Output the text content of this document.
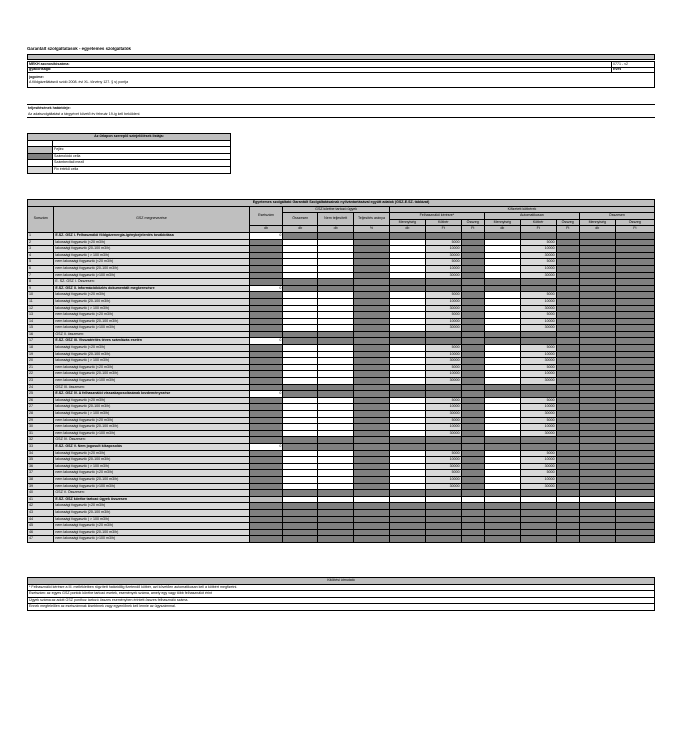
Garantált szolgáltatások - egyetemes szolgáltatók
MEKH azonosítószáma:	0771 - v2
gyakorisága:	Éves
jogcíme:
A földgázellátásról szóló 2008. évi XL. törvény 127. § s) pontja
teljesítésének határideje:
Az adatszolgáltatást a tárgyévet követő év február 19-ig kell beküldeni.
Az űrlapon szereplő színjelölések listája:	

	Fejléc
	Számolódó cella
	Számbevitali mező
	Fix értékű cella
Egyetemes szolgáltató Garantált Szolgáltatásainak nyilvántartásával együtt adatok (GSZ-E.SZ. táblázat)													
Sorszám	GSZ megnevezése	Esetszám	GSZ körébe tartozó ügyek			Kifizetett kötbérek							
			Összesen	Nem teljesített	Teljesítés aránya	Felhasználói kérésre*			Automatikusan			Összesen	
						Mennyiség	Kötbér	Összeg	Mennyiség	Kötbér	Összeg	Mennyiség	Összeg
		db	db	db	%	db	Ft	Ft	db	Ft	Ft	db	Ft
1	E.SZ. GSZ I. Felhasználói földgázenergia-igénybejelentés továbbítása	0											
2	lakossági fogyasztó (<20 m3/h)						5000			5000			
3	lakossági fogyasztó (20-100 m3/h)						10000			10000			
4	lakossági fogyasztó ( > 100 m3/h)						30000			30000			
5	nem lakossági fogyasztó (<20 m3/h)						5000			5000			
6	nem lakossági fogyasztó (20-100 m3/h)						10000			10000			
7	nem lakossági fogyasztó (>100 m3/h)						30000			30000			
8	E. SZ. GSZ I. Összesen:												
9	E.SZ. GSZ II. Információközlés dokumentált megkeresésre	0											
10	lakossági fogyasztó (<20 m3/h)						5000			5000			
11	lakossági fogyasztó (20-100 m3/h)						10000			10000			
12	lakossági fogyasztó ( > 100 m3/h)						30000			30000			
13	nem lakossági fogyasztó (<20 m3/h)						5000			5000			
14	nem lakossági fogyasztó (20-100 m3/h)						10000			10000			
15	nem lakossági fogyasztó (>100 m3/h)						30000			30000			
16	GSZ II. összesen:												
17	E.SZ. GSZ III. Visszatérítés téves számlázás esetén	0											
18	lakossági fogyasztó (<20 m3/h)						5000			5000			
19	lakossági fogyasztó (20-100 m3/h)						10000			10000			
20	lakossági fogyasztó ( > 100 m3/h)						30000			30000			
21	nem lakossági fogyasztó (<20 m3/h)						5000			5000			
22	nem lakossági fogyasztó (20-100 m3/h)						10000			10000			
23	nem lakossági fogyasztó (>100 m3/h)						30000			30000			
24	GSZ III. összesen:												
25	E.SZ. GSZ IV. A felhasználói visszakapcsolásának kezdeményezése	0											
26	lakossági fogyasztó (<20 m3/h)						5000			5000			
27	lakossági fogyasztó (20-100 m3/h)						10000			10000			
28	lakossági fogyasztó ( > 100 m3/h)						30000			30000			
29	nem lakossági fogyasztó (<20 m3/h)						5000			5000			
30	nem lakossági fogyasztó (20-100 m3/h)						10000			10000			
31	nem lakossági fogyasztó (>100 m3/h)						30000			30000			
32	GSZ IV. Összesen:												
33	E.SZ. GSZ V. Nem jogosult kikapcsolás	0											
34	lakossági fogyasztó (<20 m3/h)						5000			5000			
35	lakossági fogyasztó (20-100 m3/h)						10000			10000			
36	lakossági fogyasztó ( > 100 m3/h)						30000			30000			
37	nem lakossági fogyasztó (<20 m3/h)						5000			5000			
38	nem lakossági fogyasztó (20-100 m3/h)						10000			10000			
39	nem lakossági fogyasztó (>100 m3/h)						30000			30000			
40	GSZ V. Összesen:												
41	E.SZ. GSZ körébe tartozó ügyek összesen												
42	lakossági fogyasztó (<20 m3/h)												
43	lakossági fogyasztó (20-100 m3/h)												
44	lakossági fogyasztó ( > 100 m3/h)												
45	nem lakossági fogyasztó (<20 m3/h)												
46	nem lakossági fogyasztó (20-100 m3/h)												
47	nem lakossági fogyasztó (>100 m3/h)												
Kitöltési útmutató
* Felhasználói kérésre a III. mellékletben rögzített határidőig fizetendő kötbér, azt követően automatikusan kell a kötbért megfizetni.
Esetszám: az egyes GSZ pontok körébe tartozó esetek, események száma, amely egy vagy több felhasználót érint
Ügyek száma:az adott GSZ ponthoz tartozó összes eseményben érintett összes felhasználó száma.
Ennek megfelelően az esetszámnak kisebbnek vagy egyenlőnek kell lennie az ügyszámmal.
